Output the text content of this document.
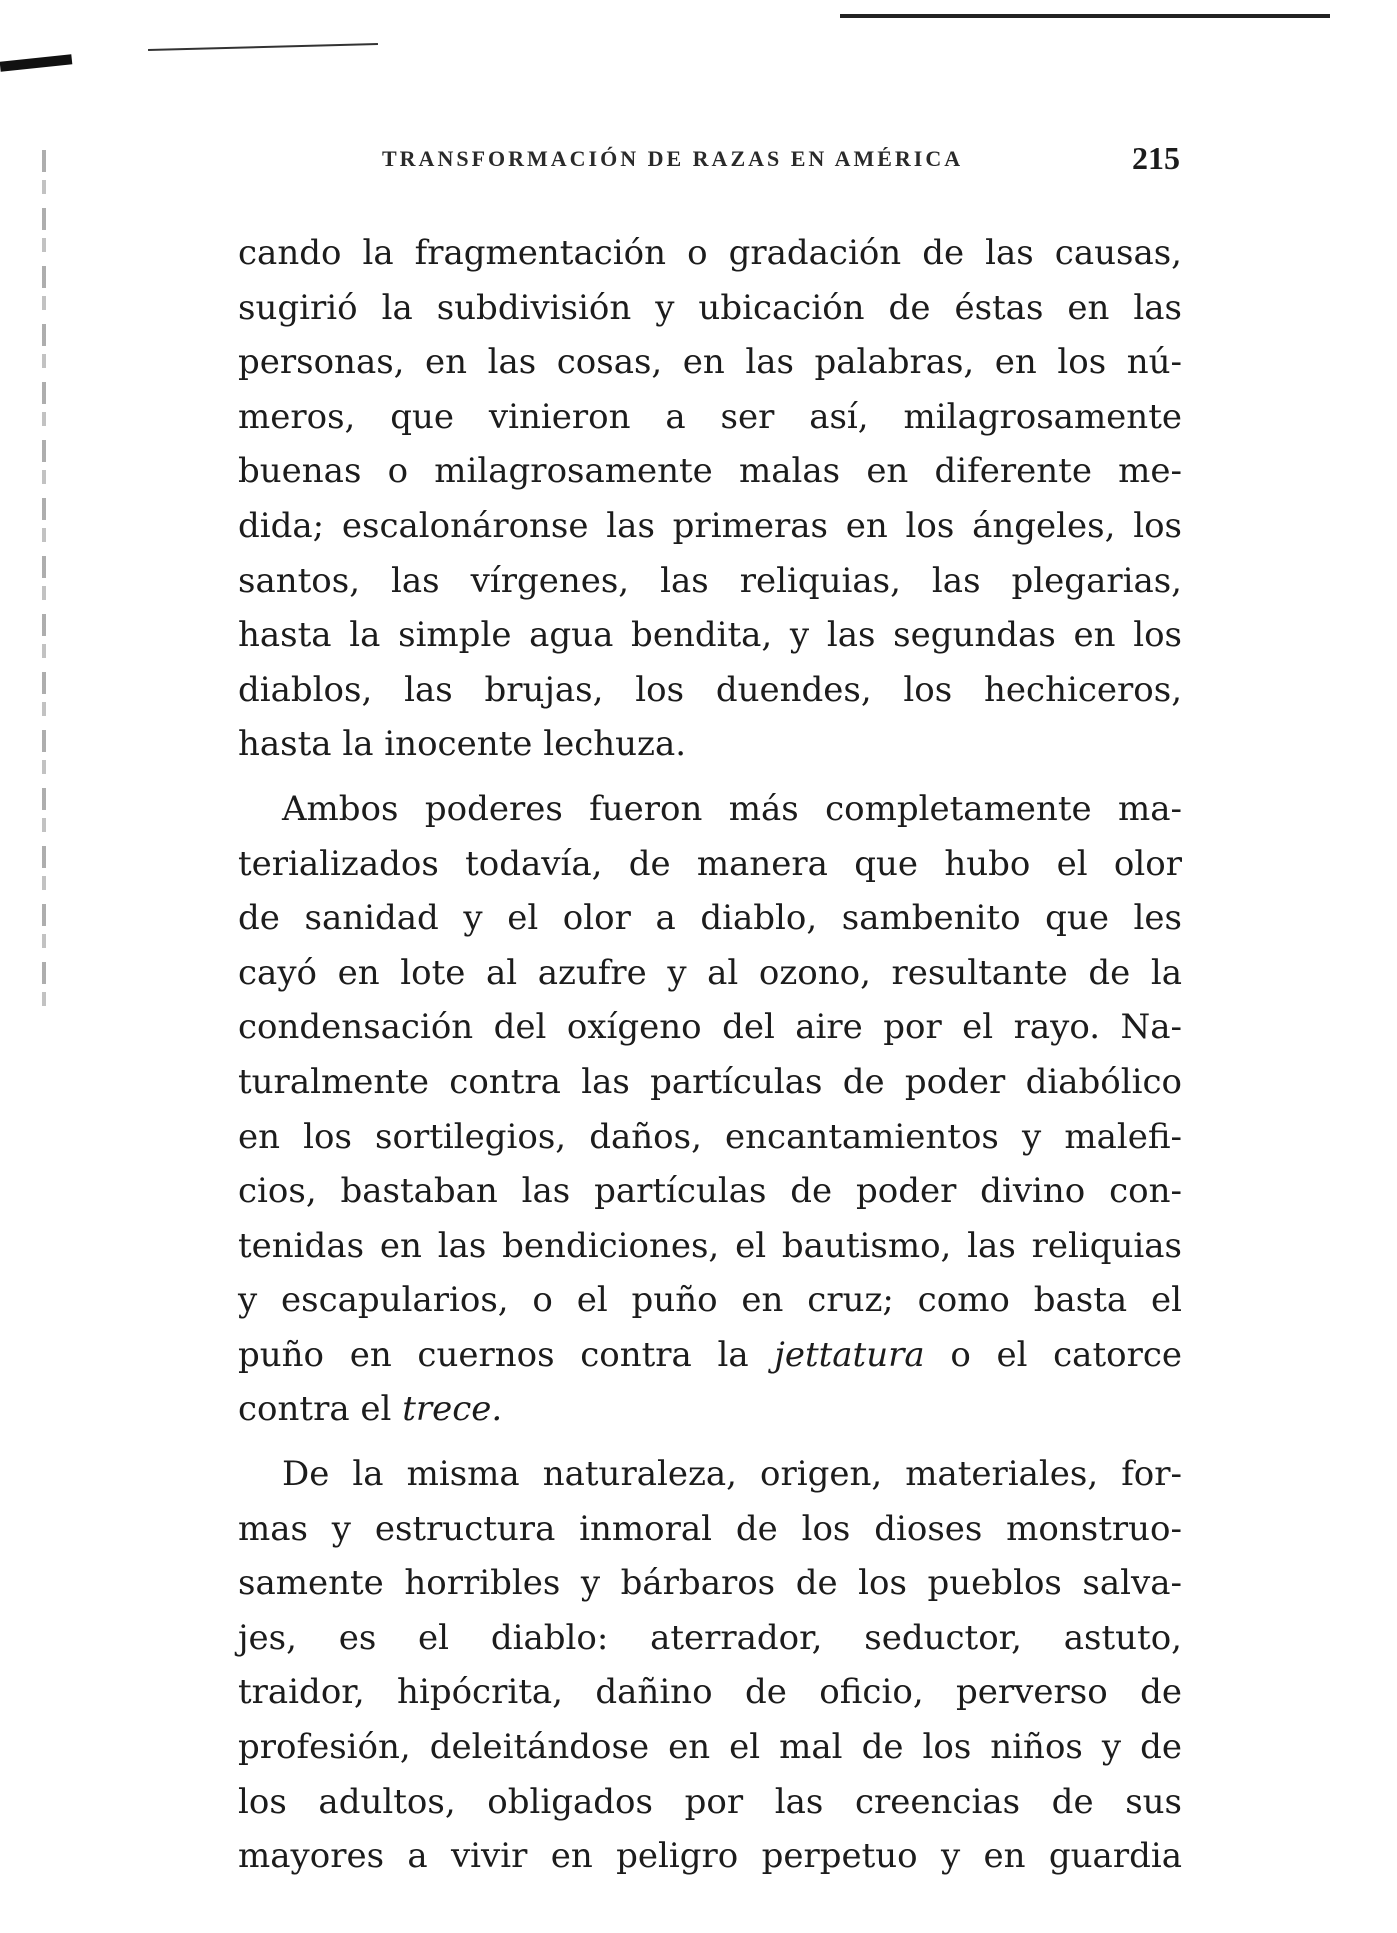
TRANSFORMACIÓN DE RAZAS EN AMÉRICA	215
cando la fragmentación o gradación de las causas,
sugirió la subdivisión y ubicación de éstas en las
personas, en las cosas, en las palabras, en los nú-
meros, que vinieron a ser así, milagrosamente
buenas o milagrosamente malas en diferente me-
dida; escalonáronse las primeras en los ángeles, los
santos, las vírgenes, las reliquias, las plegarias,
hasta la simple agua bendita, y las segundas en los
diablos, las brujas, los duendes, los hechiceros,
hasta la inocente lechuza.
Ambos poderes fueron más completamente ma-
terializados todavía, de manera que hubo el olor
de sanidad y el olor a diablo, sambenito que les
cayó en lote al azufre y al ozono, resultante de la
condensación del oxígeno del aire por el rayo. Na-
turalmente contra las partículas de poder diabólico
en los sortilegios, daños, encantamientos y malefi-
cios, bastaban las partículas de poder divino con-
tenidas en las bendiciones, el bautismo, las reliquias
y escapularios, o el puño en cruz; como basta el
puño en cuernos contra la jettatura o el catorce
contra el trece.
De la misma naturaleza, origen, materiales, for-
mas y estructura inmoral de los dioses monstruo-
samente horribles y bárbaros de los pueblos salva-
jes, es el diablo: aterrador, seductor, astuto,
traidor, hipócrita, dañino de oficio, perverso de
profesión, deleitándose en el mal de los niños y de
los adultos, obligados por las creencias de sus
mayores a vivir en peligro perpetuo y en guardia
